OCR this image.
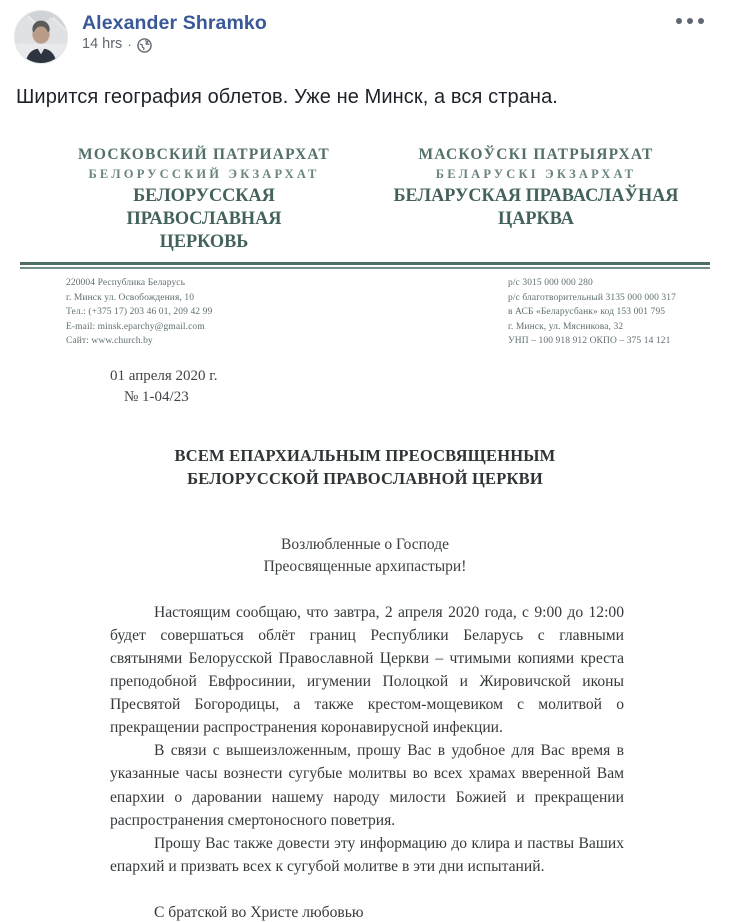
Alexander Shramko
14 hrs ·
Ширится география облетов. Уже не Минск, а вся страна.
МОСКОВСКИЙ ПАТРИАРХАТ
БЕЛОРУССКИЙ ЭКЗАРХАТ
БЕЛОРУССКАЯ ПРАВОСЛАВНАЯ
ЦЕРКОВЬ
МАСКОЎСКІ ПАТРЫЯРХАТ
БЕЛАРУСКІ ЭКЗАРХАТ
БЕЛАРУСКАЯ ПРАВАСЛАЎНАЯ
ЦАРКВА
220004 Республика Беларусь
г. Минск ул. Освобождения, 10
Тел.: (+375 17) 203 46 01, 209 42 99
E-mail: minsk.eparchy@gmail.com
Сайт: www.church.by
р/с 3015 000 000 280
р/с благотворительный 3135 000 000 317
в АСБ «Беларусбанк» код 153 001 795
г. Минск, ул. Мясникова, 32
УНП – 100 918 912 ОКПО – 375 14 121
01 апреля 2020 г.
№ 1-04/23
ВСЕМ ЕПАРХИАЛЬНЫМ ПРЕОСВЯЩЕННЫМ
БЕЛОРУССКОЙ ПРАВОСЛАВНОЙ ЦЕРКВИ
Возлюбленные о Господе
Преосвященные архипастыри!

Настоящим сообщаю, что завтра, 2 апреля 2020 года, с 9:00 до 12:00 будет совершаться облёт границ Республики Беларусь с главными святынями Белорусской Православной Церкви – чтимыми копиями креста преподобной Евфросинии, игумении Полоцкой и Жировичской иконы Пресвятой Богородицы, а также крестом-мощевиком с молитвой о прекращении распространения коронавирусной инфекции.

В связи с вышеизложенным, прошу Вас в удобное для Вас время в указанные часы вознести сугубые молитвы во всех храмах вверенной Вам епархии о даровании нашему народу милости Божией и прекращении распространения смертоносного поветрия.

Прошу Вас также довести эту информацию до клира и паствы Ваших епархий и призвать всех к сугубой молитве в эти дни испытаний.

С братской во Христе любовью
